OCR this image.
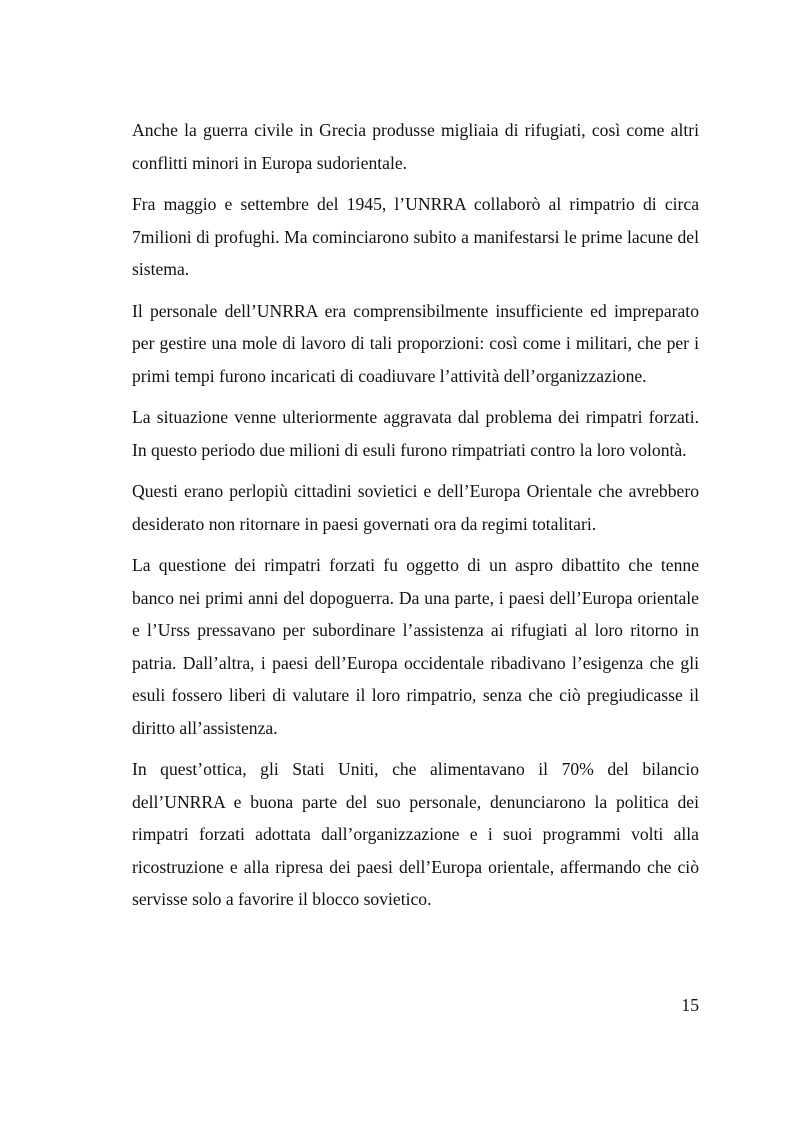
Anche la guerra civile in Grecia produsse migliaia di rifugiati, così come altri conflitti minori in Europa sudorientale.

Fra maggio e settembre del 1945, l’UNRRA collaborò al rimpatrio di circa 7milioni di profughi. Ma cominciarono subito a manifestarsi le prime lacune del sistema.

Il personale dell’UNRRA era comprensibilmente insufficiente ed impreparato per gestire una mole di lavoro di tali proporzioni: così come i militari, che per i primi tempi furono incaricati di coadiuvare l’attività dell’organizzazione.

La situazione venne ulteriormente aggravata dal problema dei rimpatri forzati. In questo periodo due milioni di esuli furono rimpatriati contro la loro volontà.

Questi erano perlopiù cittadini sovietici e dell’Europa Orientale che avrebbero desiderato non ritornare in paesi governati ora da regimi totalitari.

La questione dei rimpatri forzati fu oggetto di un aspro dibattito che tenne banco nei primi anni del dopoguerra. Da una parte, i paesi dell’Europa orientale e l’Urss pressavano per subordinare l’assistenza ai rifugiati al loro ritorno in patria. Dall’altra, i paesi dell’Europa occidentale ribadivano l’esigenza che gli esuli fossero liberi di valutare il loro rimpatrio, senza che ciò pregiudicasse il diritto all’assistenza.

In quest’ottica, gli Stati Uniti, che alimentavano il 70% del bilancio dell’UNRRA e buona parte del suo personale, denunciarono la politica dei rimpatri forzati adottata dall’organizzazione e i suoi programmi volti alla ricostruzione e alla ripresa dei paesi dell’Europa orientale, affermando che ciò servisse solo a favorire il blocco sovietico.

15
